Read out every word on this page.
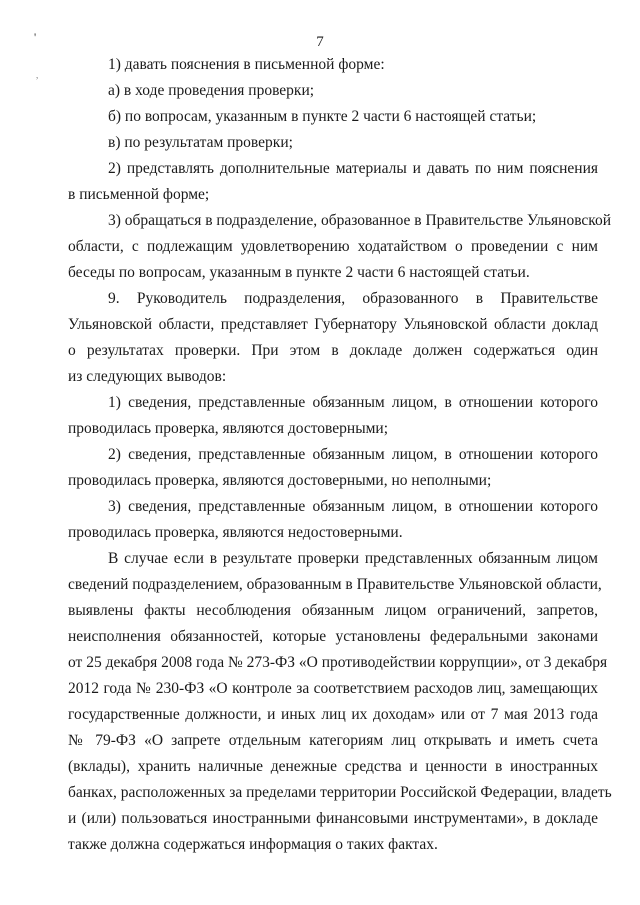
'
,
7
1) давать пояснения в письменной форме:
а) в ходе проведения проверки;
б) по вопросам, указанным в пункте 2 части 6 настоящей статьи;
в) по результатам проверки;
2) представлять дополнительные материалы и давать по ним пояснения
в письменной форме;
3) обращаться в подразделение, образованное в Правительстве Ульяновской
области, с подлежащим удовлетворению ходатайством о проведении с ним
беседы по вопросам, указанным в пункте 2 части 6 настоящей статьи.
9. Руководитель подразделения, образованного в Правительстве
Ульяновской области, представляет Губернатору Ульяновской области доклад
о результатах проверки. При этом в докладе должен содержаться один
из следующих выводов:
1) сведения, представленные обязанным лицом, в отношении которого
проводилась проверка, являются достоверными;
2) сведения, представленные обязанным лицом, в отношении которого
проводилась проверка, являются достоверными, но неполными;
3) сведения, представленные обязанным лицом, в отношении которого
проводилась проверка, являются недостоверными.
В случае если в результате проверки представленных обязанным лицом
сведений подразделением, образованным в Правительстве Ульяновской области,
выявлены факты несоблюдения обязанным лицом ограничений, запретов,
неисполнения обязанностей, которые установлены федеральными законами
от 25 декабря 2008 года № 273-ФЗ «О противодействии коррупции», от 3 декабря
2012 года № 230-ФЗ «О контроле за соответствием расходов лиц, замещающих
государственные должности, и иных лиц их доходам» или от 7 мая 2013 года
№ 79-ФЗ «О запрете отдельным категориям лиц открывать и иметь счета
(вклады), хранить наличные денежные средства и ценности в иностранных
банках, расположенных за пределами территории Российской Федерации, владеть
и (или) пользоваться иностранными финансовыми инструментами», в докладе
также должна содержаться информация о таких фактах.
